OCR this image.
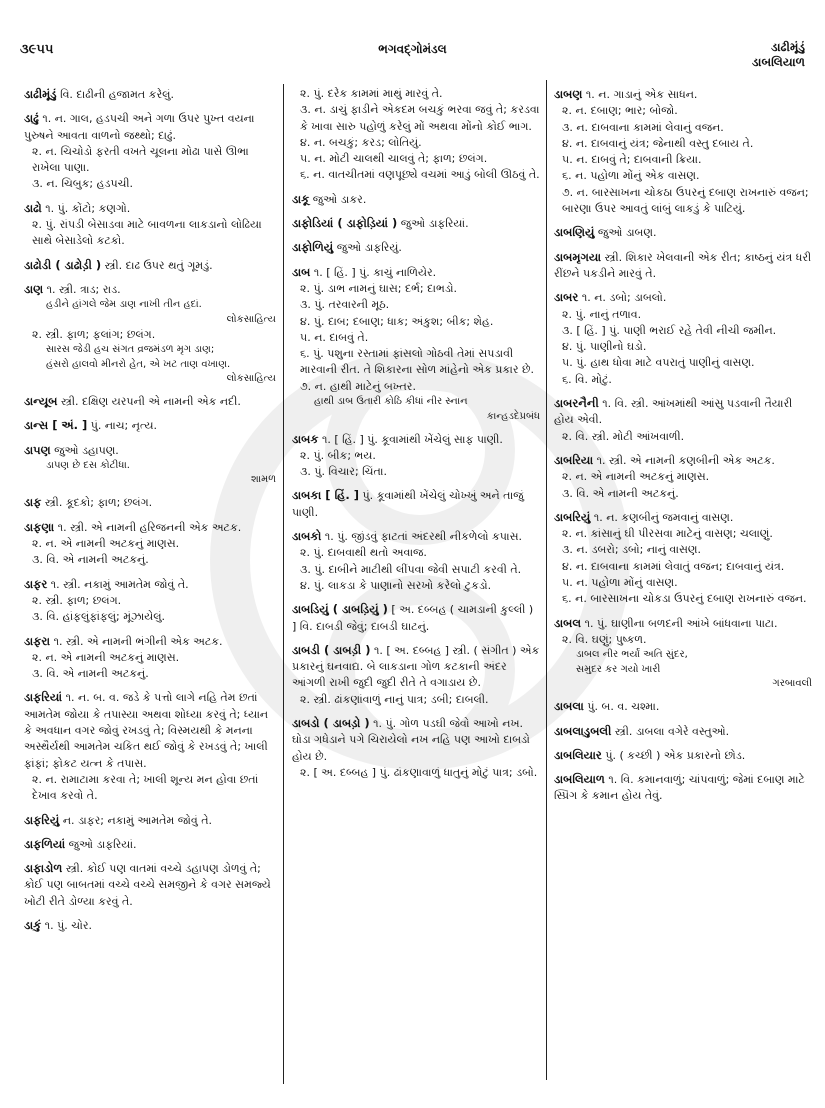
૩૯૫૫	ભગવદ્ગોમંડલ	ડાઢીમૂંડું
ડાબલિયાળ
ડાઢીમૂંડું વિ. દાઢીની હજામત કરેલું.
ડાઢું ૧. ન. ગાલ, હડપચી અને ગળા ઉપર પુખ્ત વયના પુરુષને આવતા વાળનો જથ્થો; દાઢું.
૨. ન. ચિચોડો ફરતી વખતે ચૂલના મોઢા પાસે ઊભા રાખેલા પાણા.
૩. ન. ચિબુક; હડપચી.
ડાઢો ૧. પું. કોંટો; કણગો.
૨. પું. રાંપડી બેસાડવા માટે બાવળના લાકડાનો લોઢિયા સાથે બેસાડેલો કટકો.
ડાઢોડી ( ડાઢોડ઼ી ) સ્ત્રી. દાઢ ઉપર થતું ગૂમડું.
ડાણ ૧. સ્ત્રી. ત્રાડ; રાડ.
હડીને હાંગલે જેમ ડાણ નાખી તીન હદાં.
લોકસાહિત્ય
૨. સ્ત્રી. ફાળ; ફલાંગ; છલંગ.
સારસ જેડી હચ સંગત વ્રજમંડળ મૃગ ડાણ;
હંસરો હાલવો મીનરો હેત, એ ખટ તાણ વખાણ.
લોકસાહિત્ય
ડાન્યૂબ સ્ત્રી. દક્ષિણ યરપની એ નામની એક નદી.
ડાન્સ [ અં. ] પું. નાચ; નૃત્ય.
ડાપણ જુઓ ડહાપણ.
ડાપણ છે દસ કોટીધા.
શામળ
ડાફ સ્ત્રી. કૂદકો; ફાળ; છલંગ.
ડાફણા ૧. સ્ત્રી. એ નામની હરિજનની એક અટક.
૨. ન. એ નામની અટકનું માણસ.
૩. વિ. એ નામની અટકનું.
ડાફર ૧. સ્ત્રી. નકામું આમતેમ જોવું તે.
૨. સ્ત્રી. ફાળ; છલંગ.
૩. વિ. હાંફલુંફાંફલું; મૂંઝાયેલું.
ડાફરા ૧. સ્ત્રી. એ નામની ભંગીની એક અટક.
૨. ન. એ નામની અટકનું માણસ.
૩. વિ. એ નામની અટકનું.
ડાફરિયાં ૧. ન. બ. વ. જડે કે પત્તો લાગે નહિ તેમ છતાં આમતેમ જોયા કે તપાસ્યા અથવા શોધ્યા કરવું તે; ધ્યાન કે અવધાન વગર જોવું રખડવું તે; વિસ્મયથી કે મનના અસ્થૈર્યથી આમતેમ ચકિત થઈ જોવું કે રખડવું તે; ખાલી ફાંફાં; ફોકટ યત્ન કે તપાસ.
૨. ન. રામાટામા કરવા તે; ખાલી શૂન્ય મન હોવા છતાં દેખાવ કરવો તે.
ડાફરિયું ન. ડાફર; નકામું આમતેમ જોવું તે.
ડાફળિયાં જુઓ ડાફરિયાં.
ડાફાડોળ સ્ત્રી. કોઈ પણ વાતમાં વચ્ચે ડહાપણ ડોળવું તે; કોઈ પણ બાબતમાં વચ્ચે વચ્ચે સમજીને કે વગર સમજ્યે ખોટી રીતે ડોળ્યા કરવું તે.
ડાકું ૧. પું. ચોર.
૨. પું. દરેક કામમાં માથું મારવું તે.
૩. ન. ડાચું ફાડીને એકદમ બચકું ભરવા જવું તે; કરડવા કે ખાવા સારુ પહોળું કરેલું મોં અથવા મોંનો કોઈ ભાગ.
૪. ન. બચકું; કરડ; લોતિયું.
૫. ન. મોટી ચાલથી ચાલવું તે; ફાળ; છલંગ.
૬. ન. વાતચીતમાં વણપૂછ્યે વચમાં આડું બોલી ઊઠવું તે.
ડાકૂ જુઓ ડાકર.
ડાફોડિયાં ( ડાફોડ઼િયાં ) જુઓ ડાફરિયાં.
ડાફોળિયું જુઓ ડાફરિયું.
ડાબ ૧. [ હિં. ] પું. કાચું નાળિયેર.
૨. પું. ડાભ નામનું ઘાસ; દર્ભ; દાભડો.
૩. પું. તરવારની મૂઠ.
૪. પું. દાબ; દબાણ; ધાક; અંકુશ; બીક; શેહ.
૫. ન. દાબવું તે.
૬. પું. પશુના રસ્તામાં ફાંસલો ગોઠવી તેમાં સપડાવી મારવાની રીત. તે શિકારના સોળ માંહેનો એક પ્રકાર છે.
૭. ન. હાથી માટેનું બખ્તર.
હાથી ડાબ ઉતારી કોઠિ કીધાં નીર સ્નાન
કાન્હડદેપ્રબંધ
ડાબક ૧. [ હિં. ] પું. કૂવામાંથી ખેંચેલું સાફ પાણી.
૨. પું. બીક; ભય.
૩. પું. વિચાર; ચિંતા.
ડાબકા [ હિં. ] પું. કૂવામાંથી ખેંચેલું ચોખ્ખું અને તાજું પાણી.
ડાબકો ૧. પું. જીંડવું ફાટતાં અંદરથી નીકળેલો કપાસ.
૨. પું. દાબવાથી થતો અવાજ.
૩. પું. દાબીને માટીથી લીંપવા જેવી સપાટી કરવી તે.
૪. પું. લાકડા કે પાણાનો સરખો કરેલો ટુકડો.
ડાબડિયું ( ડાબડ઼િયું ) [ અ. દબ્બહ ( ચામડાની કુલ્લી ) ] વિ. દાબડી જેવું; દાબડી ઘાટનું.
ડાબડી ( ડાબડ઼ી ) ૧. [ અ. દબ્બહ ] સ્ત્રી. ( સંગીત ) એક પ્રકારનું ઘનવાદ્ય. બે લાકડાના ગોળ કટકાની અંદર આંગળી રાખી જુદી જુદી રીતે તે વગાડાય છે.
૨. સ્ત્રી. ઢાંકણાંવાળું નાનું પાત્ર; ડબી; દાબલી.
ડાબડો ( ડાબડ઼ો ) ૧. પું. ગોળ પડઘી જેવો આખો નખ. ઘોડા ગધેડાને પગે ચિરાયેલો નખ નહિ પણ આખો દાબડો હોય છે.
૨. [ અ. દબ્બહ ] પું. ઢાંકણાવાળું ધાતુનું મોટું પાત્ર; ડબો.
ડાબણ ૧. ન. ગાડાનું એક સાધન.
૨. ન. દબાણ; ભાર; બોજો.
૩. ન. દાબવાના કામમાં લેવાનું વજન.
૪. ન. દાબવાનું યંત્ર; જેનાથી વસ્તુ દબાય તે.
૫. ન. દાબવું તે; દાબવાની ક્રિયા.
૬. ન. પહોળા મોંનું એક વાસણ.
૭. ન. બારસાખના ચોકઠા ઉપરનું દબાણ રાખનારું વજન; બારણા ઉપર આવતું લાંબું લાકડું કે પાટિયું.
ડાબણિયું જુઓ ડાબણ.
ડાબમૃગયા સ્ત્રી. શિકાર ખેલવાની એક રીત; કાષ્ઠનું યંત્ર ધરી રીંછને પકડીને મારવું તે.
ડાબર ૧. ન. ડબો; ડાબલો.
૨. પું. નાનું તળાવ.
૩. [ હિં. ] પું. પાણી ભરાઈ રહે તેવી નીચી જમીન.
૪. પું. પાણીનો ઘડો.
૫. પું. હાથ ધોવા માટે વપરાતું પાણીનું વાસણ.
૬. વિ. મોટું.
ડાબરનૈની ૧. વિ. સ્ત્રી. આંખમાંથી આંસુ પડવાની તૈયારી હોય એવી.
૨. વિ. સ્ત્રી. મોટી આંખવાળી.
ડાબરિયા ૧. સ્ત્રી. એ નામની કણબીની એક અટક.
૨. ન. એ નામની અટકનું માણસ.
૩. વિ. એ નામની અટકનું.
ડાબરિયું ૧. ન. કણબીનું જમવાનું વાસણ.
૨. ન. કાંસાનું ઘી પીરસવા માટેનું વાસણ; ચલાણું.
૩. ન. ડબરો; ડબો; નાનું વાસણ.
૪. ન. દાબવાના કામમાં લેવાતું વજન; દાબવાનું યંત્ર.
૫. ન. પહોળા મોંનું વાસણ.
૬. ન. બારસાખના ચોકડા ઉપરનું દબાણ રાખનારું વજન.
ડાબલ ૧. પું. ઘાણીના બળદની આંખે બાંધવાના પાટા.
૨. વિ. ઘણું; પુષ્કળ.
ડાબલ નીર ભર્યાં અતિ સુંદર,
સમુદર કર ગયો ખારી
ગરબાવલી
ડાબલા પું. બ. વ. ચશ્મા.
ડાબલાડુબલી સ્ત્રી. ડાબલા વગેરે વસ્તુઓ.
ડાબલિયાર પું. ( કચ્છી ) એક પ્રકારનો છોડ.
ડાબલિયાળ ૧. વિ. કમાનવાળું; ચાંપવાળું; જેમાં દબાણ માટે સ્પ્રિંગ કે કમાન હોય તેવું.
